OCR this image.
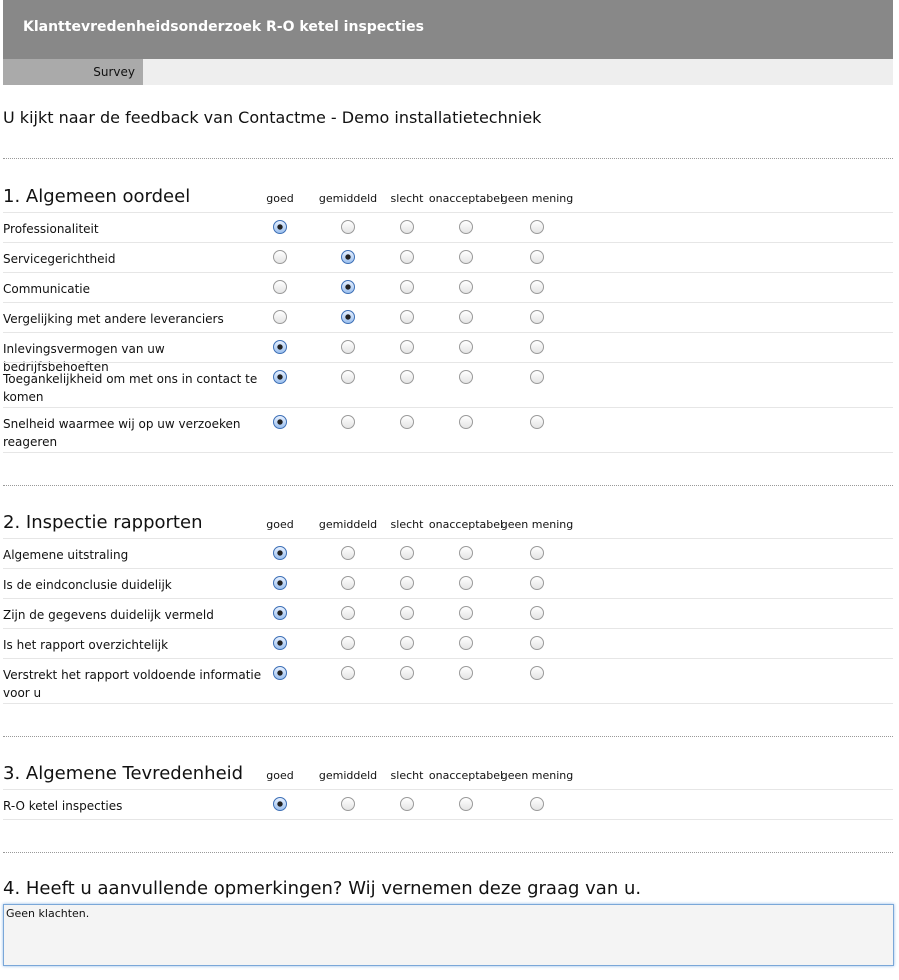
Klanttevredenheidsonderzoek R-O ketel inspecties
Survey
U kijkt naar de feedback van Contactme - Demo installatietechniek
1. Algemeen oordeel	goed gemiddeld slecht onacceptabel
geen mening
Professionaliteit
Servicegerichtheid
Communicatie
Vergelijking met andere leveranciers
Inlevingsvermogen van uw bedrijfsbehoeften
Toegankelijkheid om met ons in contact te komen
Snelheid waarmee wij op uw verzoeken reageren
2. Inspectie rapporten	goed gemiddeld slecht onacceptabel
geen mening
Algemene uitstraling
Is de eindconclusie duidelijk
Zijn de gegevens duidelijk vermeld
Is het rapport overzichtelijk
Verstrekt het rapport voldoende informatie voor u
3. Algemene Tevredenheid goed gemiddeld slecht onacceptabel
geen mening
R-O ketel inspecties
4. Heeft u aanvullende opmerkingen? Wij vernemen deze graag van u.
Geen klachten.
